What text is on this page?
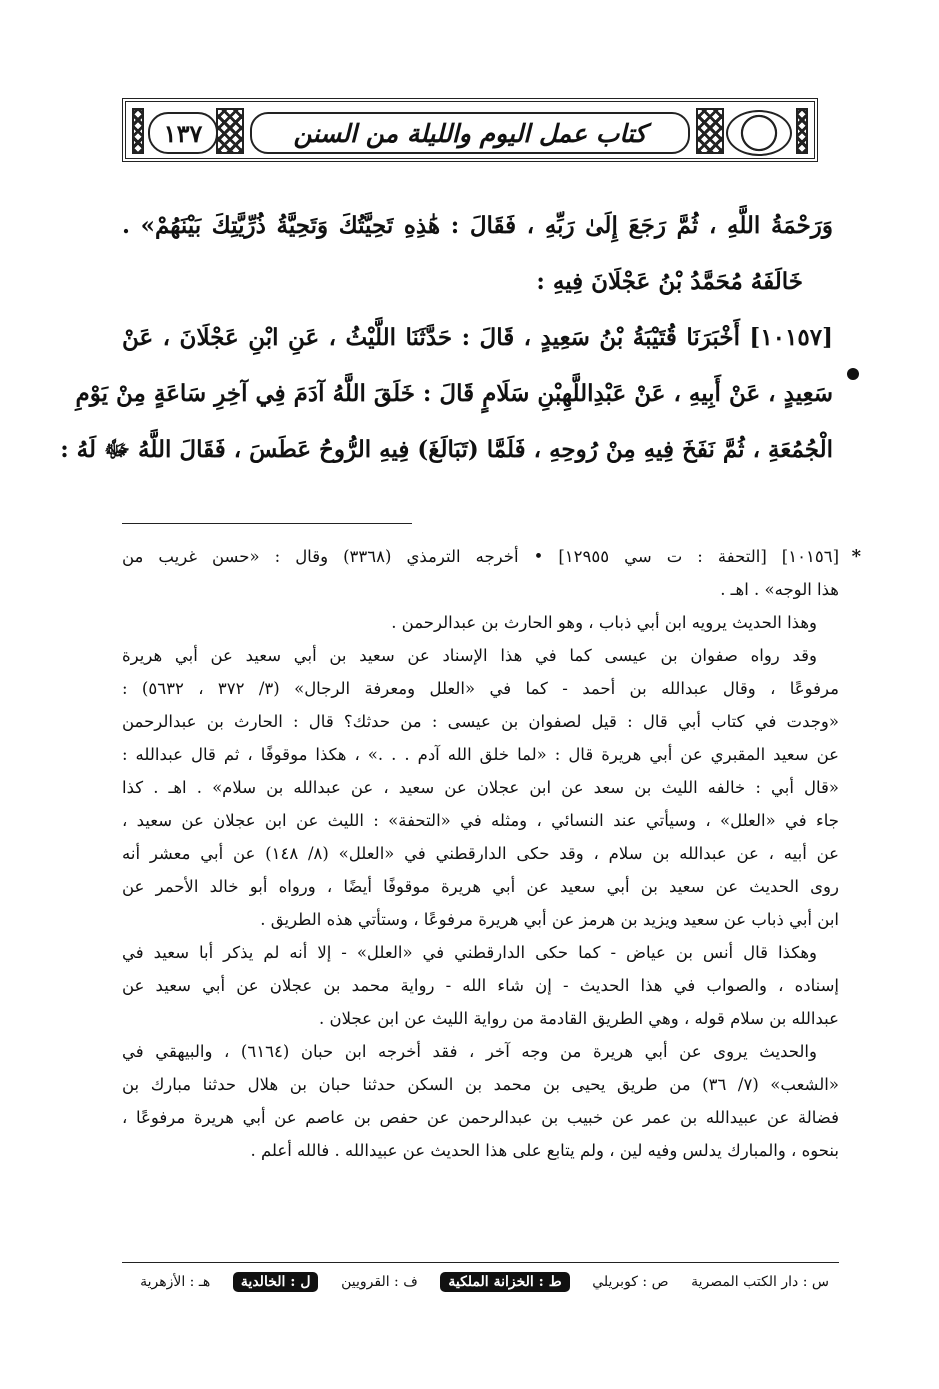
كتاب عمل اليوم والليلة من السنن
١٣٧
وَرَحْمَةُ اللَّهِ ، ثُمَّ رَجَعَ إِلَىٰ رَبِّهِ ، فَقَالَ : هَٰذِهِ تَحِيَّتُكَ وَتَحِيَّةُ ذُرِّيَّتِكَ بَيْنَهُمْ» .
خَالَفَهُ مُحَمَّدُ بْنُ عَجْلَانَ فِيهِ :
[١٠١٥٧] أَخْبَرَنَا قُتَيْبَةُ بْنُ سَعِيدٍ ، قَالَ : حَدَّثَنَا اللَّيْثُ ، عَنِ ابْنِ عَجْلَانَ ، عَنْ
سَعِيدٍ ، عَنْ أَبِيهِ ، عَنْ عَبْدِاللَّهِبْنِ سَلَامٍ قَالَ : خَلَقَ اللَّهُ آدَمَ فِي آخِرِ سَاعَةٍ مِنْ يَوْمِ
الْجُمُعَةِ ، ثُمَّ نَفَخَ فِيهِ مِنْ رُوحِهِ ، فَلَمَّا (تَبَالَغَ) فِيهِ الرُّوحُ عَطَسَ ، فَقَالَ اللَّهُ ﷻ لَهُ :
*
[١٠١٥٦] [التحفة : ت سي ١٢٩٥٥] • أخرجه الترمذي (٣٣٦٨) وقال : «حسن غريب من
هذا الوجه» . اهـ .
وهذا الحديث يرويه ابن أبي ذباب ، وهو الحارث بن عبدالرحمن .
وقد رواه صفوان بن عيسى كما في هذا الإسناد عن سعيد بن أبي سعيد عن أبي هريرة
مرفوعًا ، وقال عبدالله بن أحمد - كما في «العلل ومعرفة الرجال» (٣/ ٣٧٢ ، ٥٦٣٢) :
«وجدت في كتاب أبي قال : قيل لصفوان بن عيسى : من حدثك؟ قال : الحارث بن عبدالرحمن
عن سعيد المقبري عن أبي هريرة قال : «لما خلق الله آدم . . .» ، هكذا موقوفًا ، ثم قال عبدالله :
«قال أبي : خالفه الليث بن سعد عن ابن عجلان عن سعيد ، عن عبدالله بن سلام» . اهـ . كذا
جاء في «العلل» ، وسيأتي عند النسائي ، ومثله في «التحفة» : الليث عن ابن عجلان عن سعيد ،
عن أبيه ، عن عبدالله بن سلام ، وقد حكى الدارقطني في «العلل» (٨/ ١٤٨) عن أبي معشر أنه
روى الحديث عن سعيد بن أبي سعيد عن أبي هريرة موقوفًا أيضًا ، ورواه أبو خالد الأحمر عن
ابن أبي ذباب عن سعيد ويزيد بن هرمز عن أبي هريرة مرفوعًا ، وستأتي هذه الطريق .
وهكذا قال أنس بن عياض - كما حكى الدارقطني في «العلل» - إلا أنه لم يذكر أبا سعيد في
إسناده ، والصواب في هذا الحديث - إن شاء الله - رواية محمد بن عجلان عن أبي سعيد عن
عبدالله بن سلام قوله ، وهي الطريق القادمة من رواية الليث عن ابن عجلان .
والحديث يروى عن أبي هريرة من وجه آخر ، فقد أخرجه ابن حبان (٦١٦٤) ، والبيهقي في
«الشعب» (٧/ ٣٦) من طريق يحيى بن محمد بن السكن حدثنا حبان بن هلال حدثنا مبارك بن
فضالة عن عبيدالله بن عمر عن خبيب بن عبدالرحمن عن حفص بن عاصم عن أبي هريرة مرفوعًا ،
بنحوه ، والمبارك يدلس وفيه لين ، ولم يتابع على هذا الحديث عن عبيدالله . فالله أعلم .
س : دار الكتب المصرية
ص : كوبريلي
ط : الخزانة الملكية
ف : القرويين
ل : الخالدية
هـ : الأزهرية
